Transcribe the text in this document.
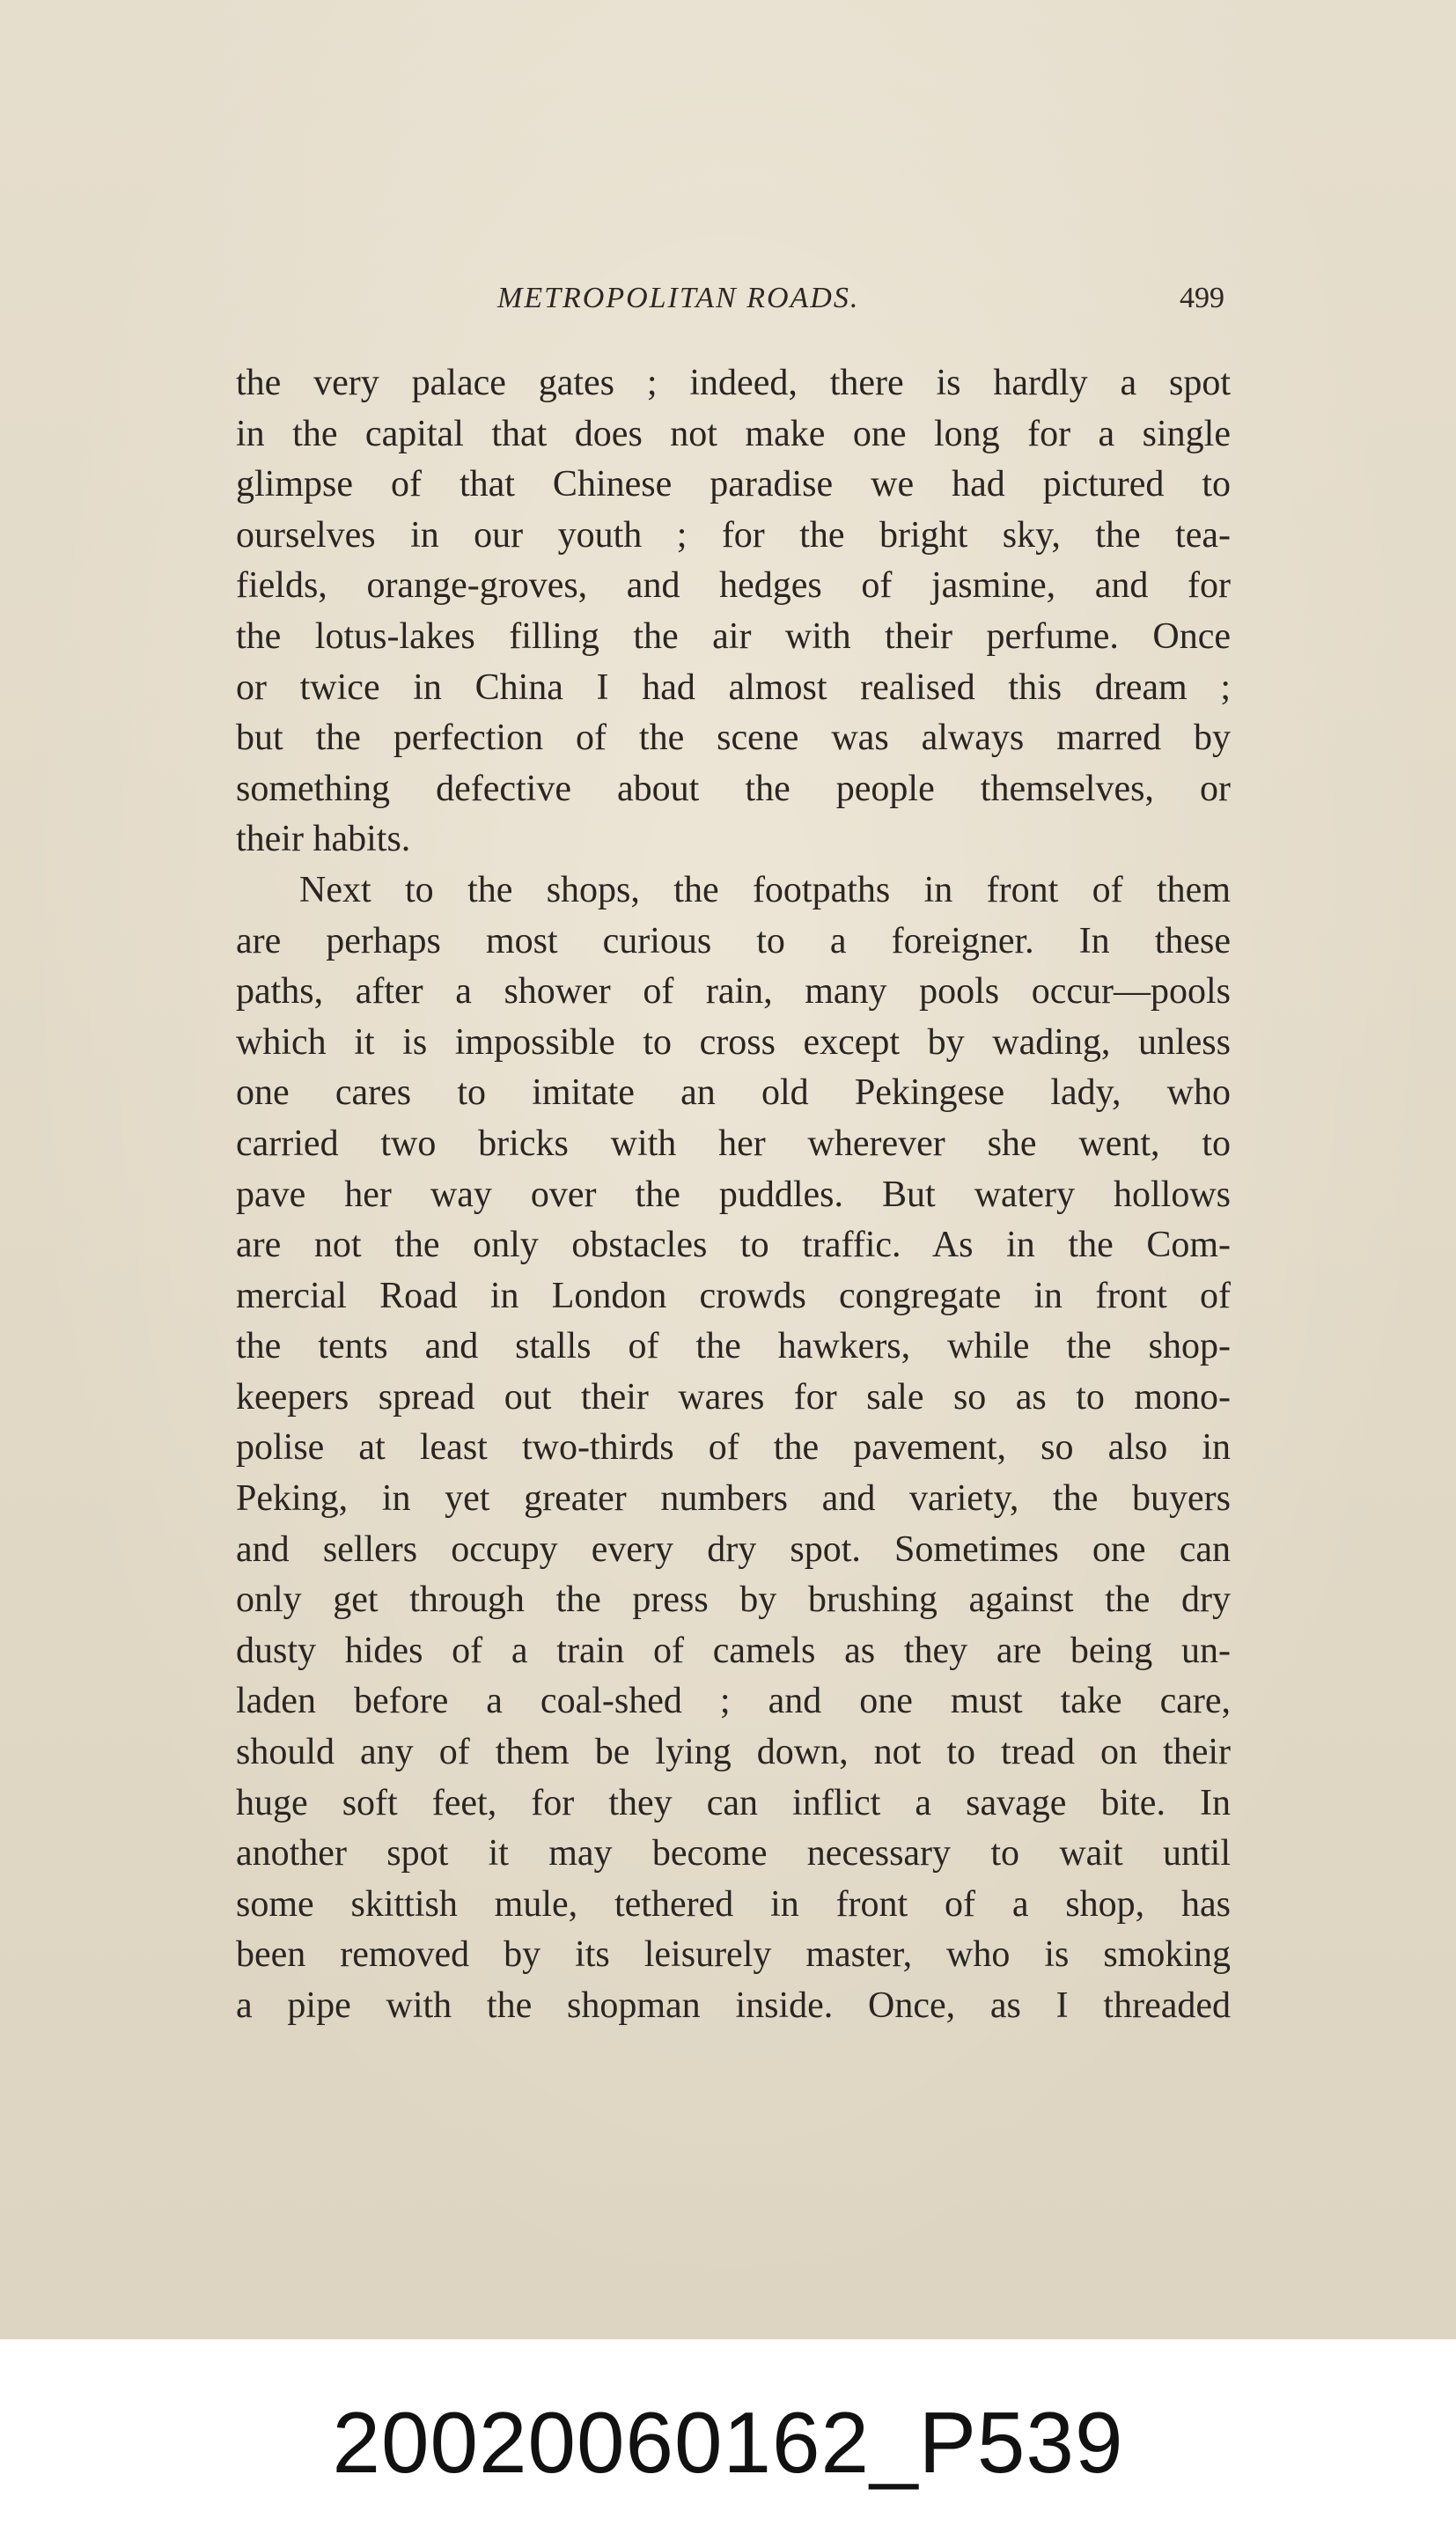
METROPOLITAN ROADS.	499

the very palace gates ; indeed, there is hardly a spot

in the capital that does not make one long for a single

glimpse of that Chinese paradise we had pictured to

ourselves in our youth ; for the bright sky, the tea-

fields, orange-groves, and hedges of jasmine, and for

the lotus-lakes filling the air with their perfume. Once

or twice in China I had almost realised this dream ;

but the perfection of the scene was always marred by

something defective about the people themselves, or

their habits.

Next to the shops, the footpaths in front of them

are perhaps most curious to a foreigner. In these

paths, after a shower of rain, many pools occur—pools

which it is impossible to cross except by wading, unless

one cares to imitate an old Pekingese lady, who

carried two bricks with her wherever she went, to

pave her way over the puddles. But watery hollows

are not the only obstacles to traffic. As in the Com-

mercial Road in London crowds congregate in front of

the tents and stalls of the hawkers, while the shop-

keepers spread out their wares for sale so as to mono-

polise at least two-thirds of the pavement, so also in

Peking, in yet greater numbers and variety, the buyers

and sellers occupy every dry spot. Sometimes one can

only get through the press by brushing against the dry

dusty hides of a train of camels as they are being un-

laden before a coal-shed ; and one must take care,

should any of them be lying down, not to tread on their

huge soft feet, for they can inflict a savage bite. In

another spot it may become necessary to wait until

some skittish mule, tethered in front of a shop, has

been removed by its leisurely master, who is smoking

a pipe with the shopman inside. Once, as I threaded

20020060162_P539
